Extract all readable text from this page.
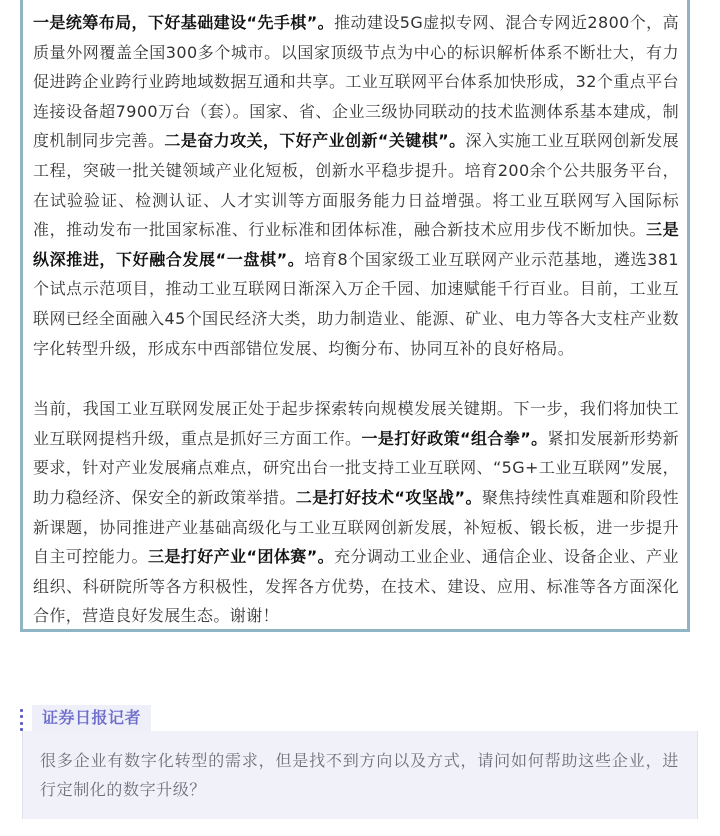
一是统筹布局，下好基础建设“先手棋”。推动建设5G虚拟专网、混合专网近2800个，高质量外网覆盖全国300多个城市。以国家顶级节点为中心的标识解析体系不断壮大，有力促进跨企业跨行业跨地域数据互通和共享。工业互联网平台体系加快形成，32个重点平台连接设备超7900万台（套）。国家、省、企业三级协同联动的技术监测体系基本建成，制度机制同步完善。二是奋力攻关，下好产业创新“关键棋”。深入实施工业互联网创新发展工程，突破一批关键领域产业化短板，创新水平稳步提升。培育200余个公共服务平台，在试验验证、检测认证、人才实训等方面服务能力日益增强。将工业互联网写入国际标准，推动发布一批国家标准、行业标准和团体标准，融合新技术应用步伐不断加快。三是纵深推进，下好融合发展“一盘棋”。培育8个国家级工业互联网产业示范基地，遴选381个试点示范项目，推动工业互联网日渐深入万企千园、加速赋能千行百业。目前，工业互联网已经全面融入45个国民经济大类，助力制造业、能源、矿业、电力等各大支柱产业数字化转型升级，形成东中西部错位发展、均衡分布、协同互补的良好格局。

当前，我国工业互联网发展正处于起步探索转向规模发展关键期。下一步，我们将加快工业互联网提档升级，重点是抓好三方面工作。一是打好政策“组合拳”。紧扣发展新形势新要求，针对产业发展痛点难点，研究出台一批支持工业互联网、“5G+工业互联网”发展，助力稳经济、保安全的新政策举措。二是打好技术“攻坚战”。聚焦持续性真难题和阶段性新课题，协同推进产业基础高级化与工业互联网创新发展，补短板、锻长板，进一步提升自主可控能力。三是打好产业“团体赛”。充分调动工业企业、通信企业、设备企业、产业组织、科研院所等各方积极性，发挥各方优势，在技术、建设、应用、标准等各方面深化合作，营造良好发展生态。谢谢！

证券日报记者

很多企业有数字化转型的需求，但是找不到方向以及方式，请问如何帮助这些企业，进行定制化的数字升级？
